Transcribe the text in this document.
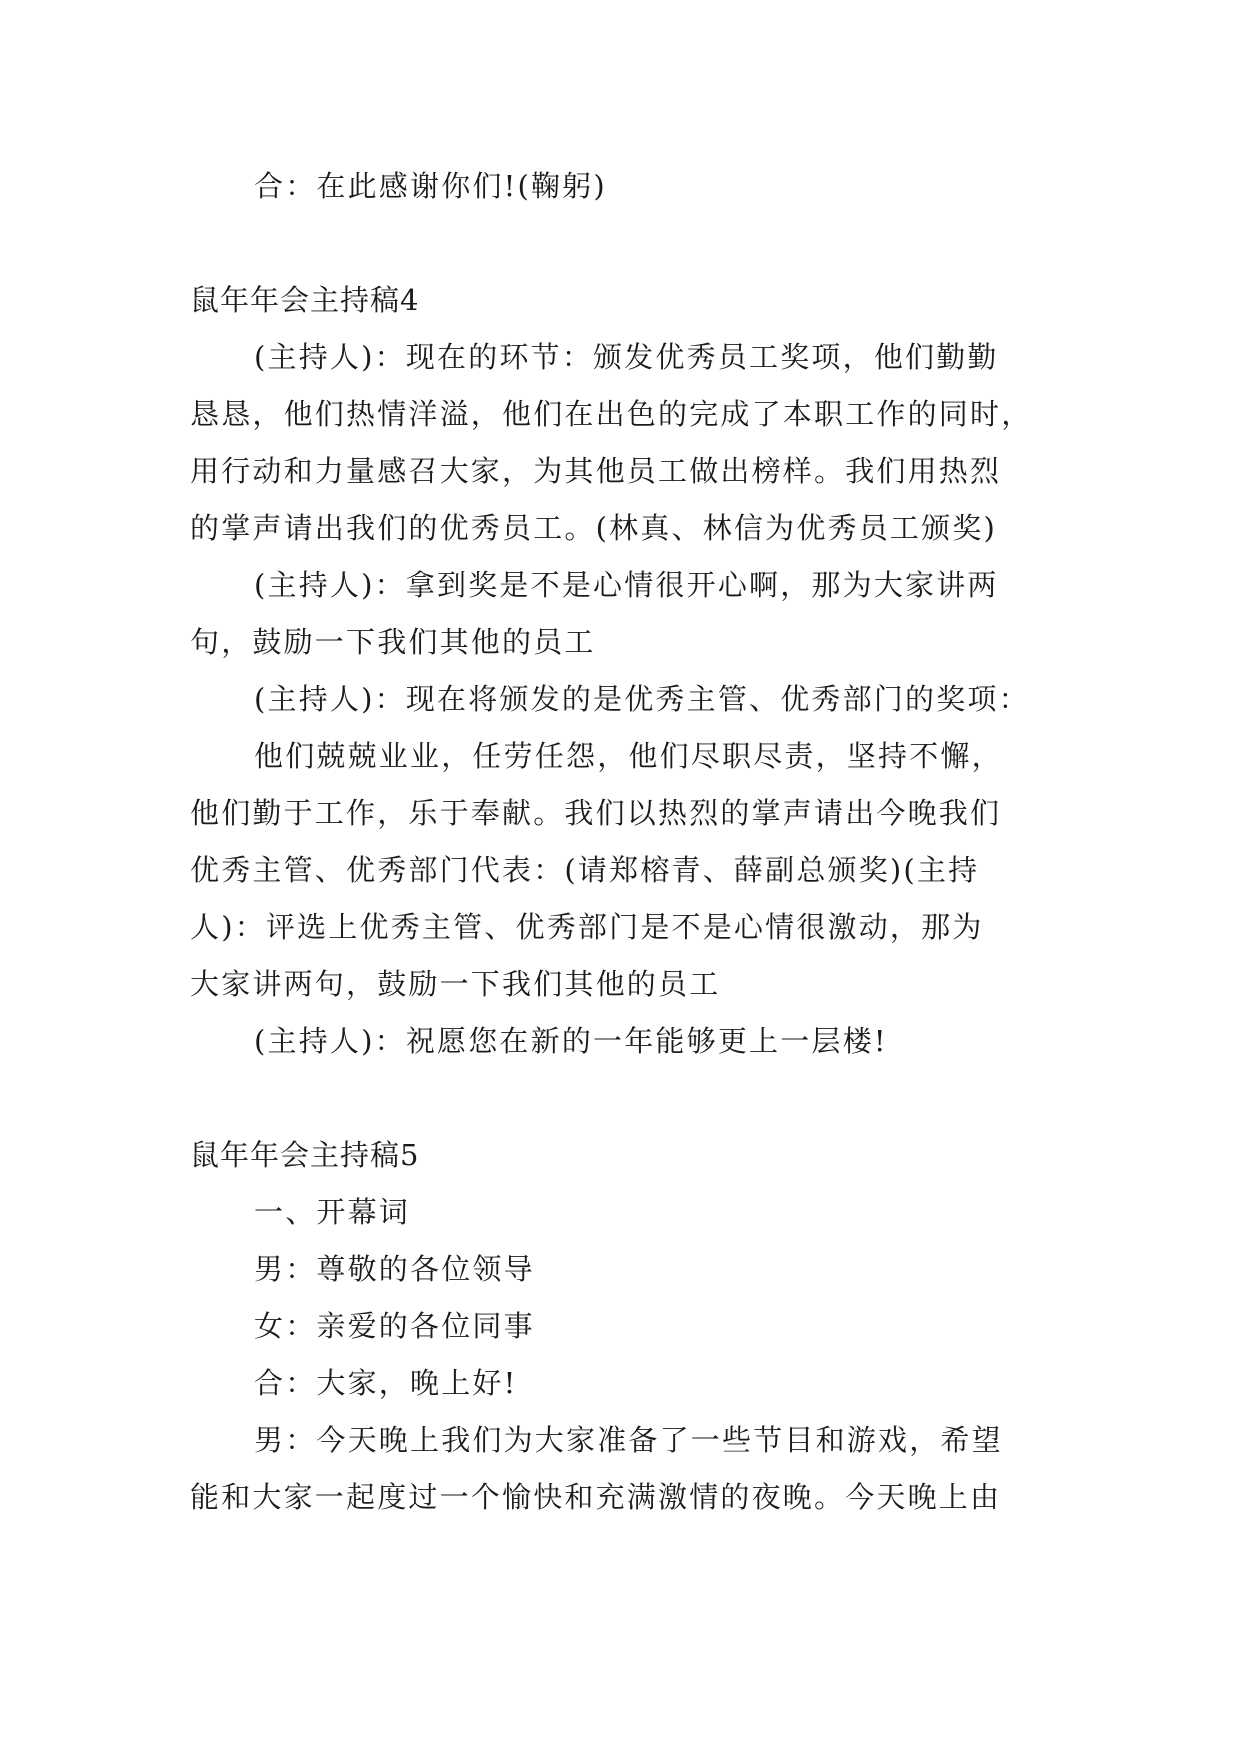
合：在此感谢你们!(鞠躬)
鼠年年会主持稿4
(主持人)：现在的环节：颁发优秀员工奖项，他们勤勤
恳恳，他们热情洋溢，他们在出色的完成了本职工作的同时，
用行动和力量感召大家，为其他员工做出榜样。我们用热烈
的掌声请出我们的优秀员工。(林真、林信为优秀员工颁奖)
(主持人)：拿到奖是不是心情很开心啊，那为大家讲两
句，鼓励一下我们其他的员工
(主持人)：现在将颁发的是优秀主管、优秀部门的奖项：
他们兢兢业业，任劳任怨，他们尽职尽责，坚持不懈，
他们勤于工作，乐于奉献。我们以热烈的掌声请出今晚我们
优秀主管、优秀部门代表：(请郑榕青、薛副总颁奖)(主持
人)：评选上优秀主管、优秀部门是不是心情很激动，那为
大家讲两句，鼓励一下我们其他的员工
(主持人)：祝愿您在新的一年能够更上一层楼!
鼠年年会主持稿5
一、开幕词
男：尊敬的各位领导
女：亲爱的各位同事
合：大家，晚上好!
男：今天晚上我们为大家准备了一些节目和游戏，希望
能和大家一起度过一个愉快和充满激情的夜晚。今天晚上由
